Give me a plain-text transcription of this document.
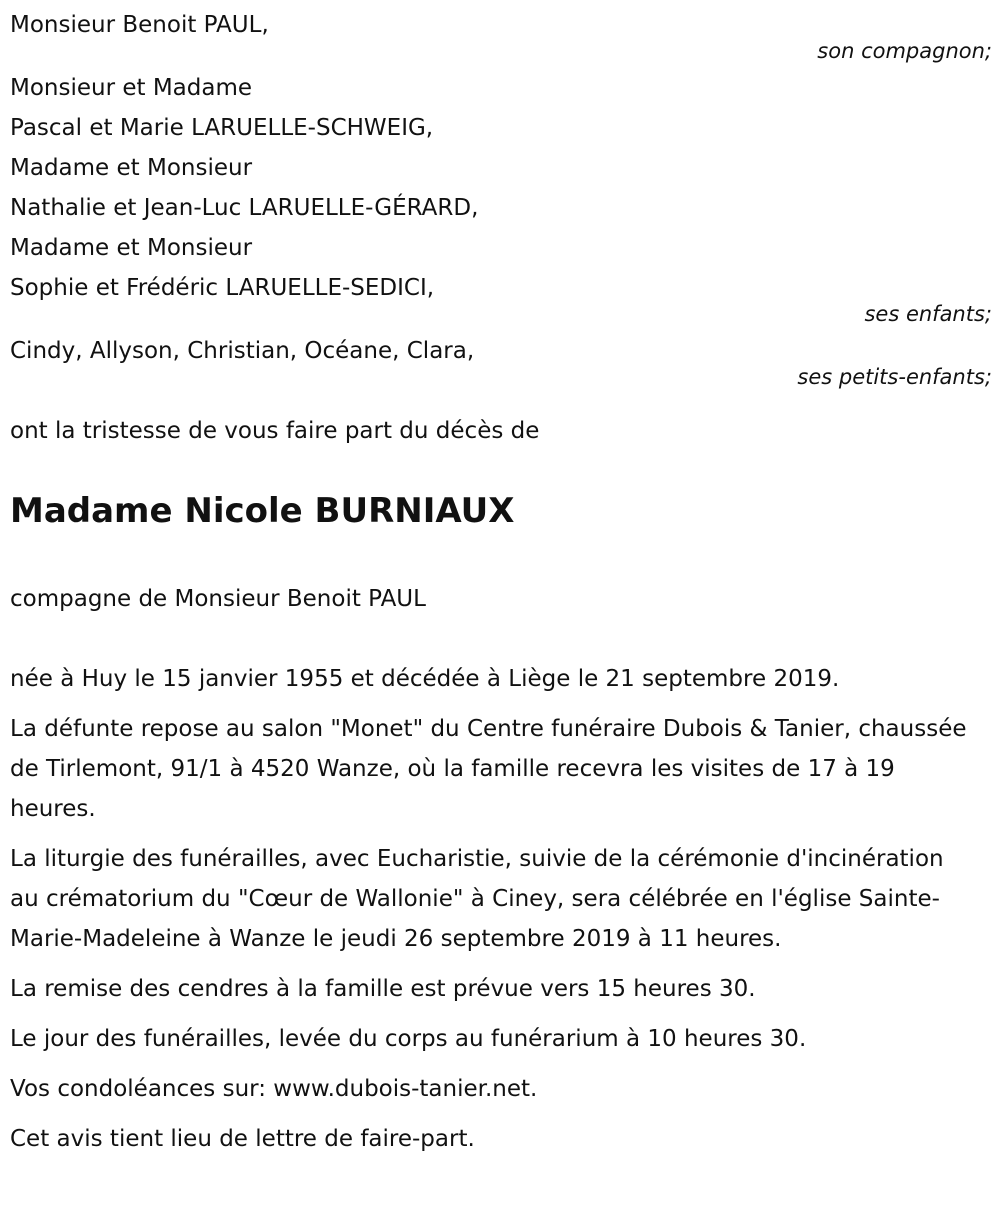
Monsieur Benoit PAUL,
son compagnon;
Monsieur et Madame
Pascal et Marie LARUELLE-SCHWEIG,
Madame et Monsieur
Nathalie et Jean-Luc LARUELLE-GÉRARD,
Madame et Monsieur
Sophie et Frédéric LARUELLE-SEDICI,
ses enfants;
Cindy, Allyson, Christian, Océane, Clara,
ses petits-enfants;
ont la tristesse de vous faire part du décès de
Madame Nicole BURNIAUX
compagne de Monsieur Benoit PAUL

née à Huy le 15 janvier 1955 et décédée à Liège le 21 septembre 2019.

La défunte repose au salon "Monet" du Centre funéraire Dubois & Tanier, chaussée de Tirlemont, 91/1 à 4520 Wanze, où la famille recevra les visites de 17 à 19 heures.

La liturgie des funérailles, avec Eucharistie, suivie de la cérémonie d'incinération au crématorium du "Cœur de Wallonie" à Ciney, sera célébrée en l'église Sainte-Marie-Madeleine à Wanze le jeudi 26 septembre 2019 à 11 heures.

La remise des cendres à la famille est prévue vers 15 heures 30.

Le jour des funérailles, levée du corps au funérarium à 10 heures 30.

Vos condoléances sur: www.dubois-tanier.net.

Cet avis tient lieu de lettre de faire-part.
